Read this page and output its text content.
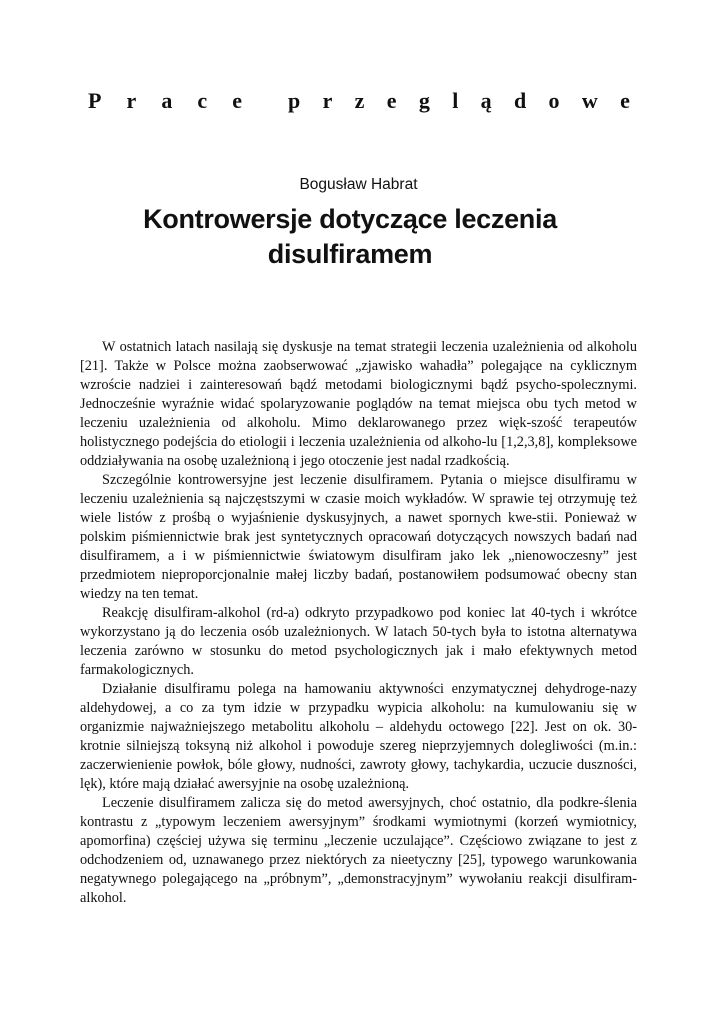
P r a c e p r z e g l ą d o w e
Bogusław Habrat
Kontrowersje dotyczące leczenia
disulfiramem

W ostatnich latach nasilają się dyskusje na temat strategii leczenia uzależnienia od alkoholu [21]. Także w Polsce można zaobserwować „zjawisko wahadła” polegające na cyklicznym wzroście nadziei i zainteresowań bądź metodami biologicznymi bądź psycho-spolecznymi. Jednocześnie wyraźnie widać spolaryzowanie poglądów na temat miejsca obu tych metod w leczeniu uzależnienia od alkoholu. Mimo deklarowanego przez więk-szość terapeutów holistycznego podejścia do etiologii i leczenia uzależnienia od alkoho-lu [1,2,3,8], kompleksowe oddziaływania na osobę uzależnioną i jego otoczenie jest nadal rzadkością.

Szczególnie kontrowersyjne jest leczenie disulfiramem. Pytania o miejsce disulfiramu w leczeniu uzależnienia są najczęstszymi w czasie moich wykładów. W sprawie tej otrzymuję też wiele listów z prośbą o wyjaśnienie dyskusyjnych, a nawet spornych kwe-stii. Ponieważ w polskim piśmiennictwie brak jest syntetycznych opracowań dotyczących nowszych badań nad disulfiramem, a i w piśmiennictwie światowym disulfiram jako lek „nienowoczesny” jest przedmiotem nieproporcjonalnie małej liczby badań, postanowiłem podsumować obecny stan wiedzy na ten temat.

Reakcję disulfiram-alkohol (rd-a) odkryto przypadkowo pod koniec lat 40-tych i wkrótce wykorzystano ją do leczenia osób uzależnionych. W latach 50-tych była to istotna alternatywa leczenia zarówno w stosunku do metod psychologicznych jak i mało efektywnych metod farmakologicznych.

Działanie disulfiramu polega na hamowaniu aktywności enzymatycznej dehydroge-nazy aldehydowej, a co za tym idzie w przypadku wypicia alkoholu: na kumulowaniu się w organizmie najważniejszego metabolitu alkoholu – aldehydu octowego [22]. Jest on ok. 30-krotnie silniejszą toksyną niż alkohol i powoduje szereg nieprzyjemnych dolegliwości (m.in.: zaczerwienienie powłok, bóle głowy, nudności, zawroty głowy, tachykardia, uczucie duszności, lęk), które mają działać awersyjnie na osobę uzależnioną.

Leczenie disulfiramem zalicza się do metod awersyjnych, choć ostatnio, dla podkre-ślenia kontrastu z „typowym leczeniem awersyjnym” środkami wymiotnymi (korzeń wymiotnicy, apomorfina) częściej używa się terminu „leczenie uczulające”. Częściowo związane to jest z odchodzeniem od, uznawanego przez niektórych za nieetyczny [25], typowego warunkowania negatywnego polegającego na „próbnym”, „demonstracyjnym” wywołaniu reakcji disulfiram-alkohol.
